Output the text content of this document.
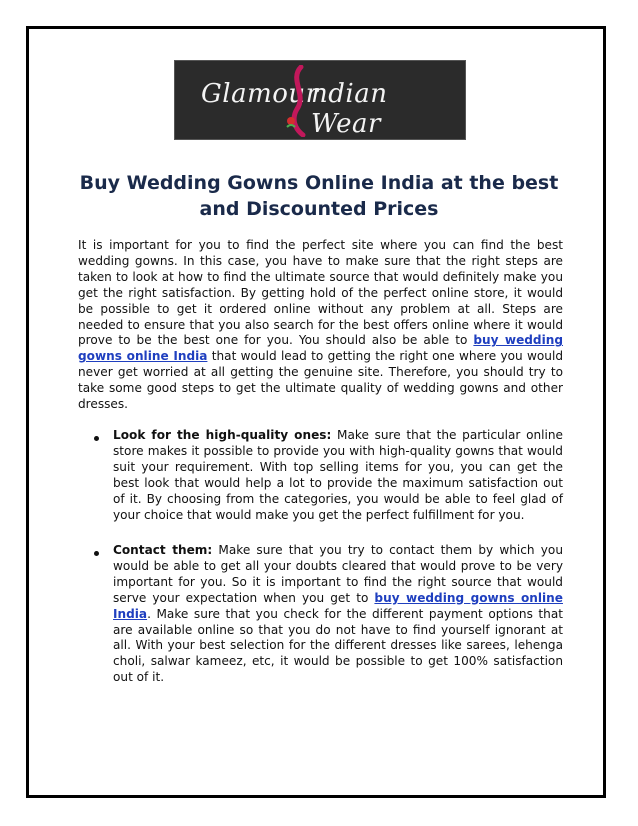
Glamour
ndian Wear
Buy Wedding Gowns Online India at the best and Discounted Prices

It is important for you to find the perfect site where you can find the best wedding gowns. In this case, you have to make sure that the right steps are taken to look at how to find the ultimate source that would definitely make you get the right satisfaction. By getting hold of the perfect online store, it would be possible to get it ordered online without any problem at all. Steps are needed to ensure that you also search for the best offers online where it would prove to be the best one for you. You should also be able to buy wedding gowns online India that would lead to getting the right one where you would never get worried at all getting the genuine site. Therefore, you should try to take some good steps to get the ultimate quality of wedding gowns and other dresses.

Look for the high-quality ones: Make sure that the particular online store makes it possible to provide you with high-quality gowns that would suit your requirement. With top selling items for you, you can get the best look that would help a lot to provide the maximum satisfaction out of it. By choosing from the categories, you would be able to feel glad of your choice that would make you get the perfect fulfillment for you.

Contact them: Make sure that you try to contact them by which you would be able to get all your doubts cleared that would prove to be very important for you. So it is important to find the right source that would serve your expectation when you get to buy wedding gowns online India. Make sure that you check for the different payment options that are available online so that you do not have to find yourself ignorant at all. With your best selection for the different dresses like sarees, lehenga choli, salwar kameez, etc, it would be possible to get 100% satisfaction out of it.
